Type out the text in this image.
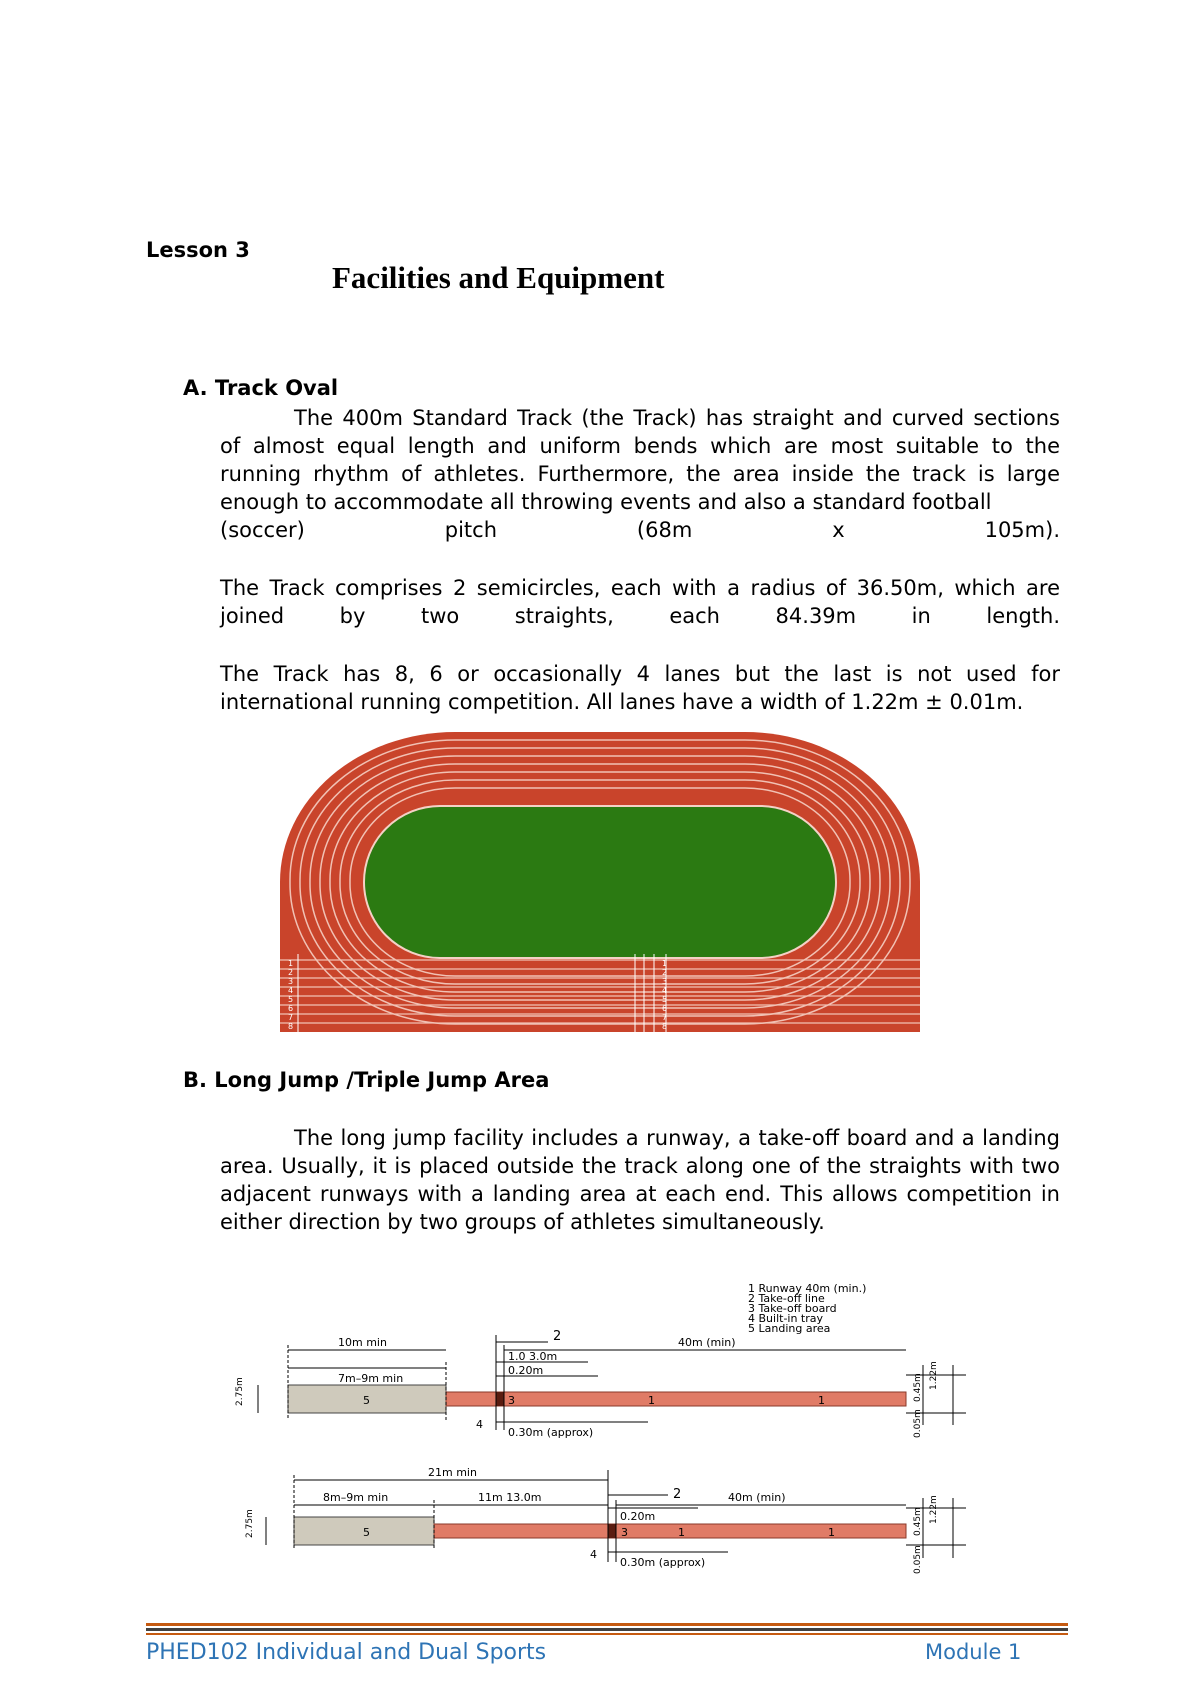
Lesson 3
Facilities and Equipment
A. Track Oval
The 400m Standard Track (the Track) has straight and curved sections of almost equal length and uniform bends which are most suitable to the running rhythm of athletes. Furthermore, the area inside the track is large enough to accommodate all throwing events and also a standard football
(soccer) pitch (68m x 105m).
The Track comprises 2 semicircles, each with a radius of 36.50m, which are joined by two straights, each 84.39m in length.
The Track has 8, 6 or occasionally 4 lanes but the last is not used for international running competition. All lanes have a width of 1.22m ± 0.01m.
1
2
3
4
5
6
7
8
1
2
3
4
5
6
7
8
B. Long Jump /Triple Jump Area
The long jump facility includes a runway, a take-off board and a landing area. Usually, it is placed outside the track along one of the straights with two adjacent runways with a landing area at each end. This allows competition in either direction by two groups of athletes simultaneously.
1 Runway 40m (min.)
2 Take-off line
3 Take-off board
4 Built-in tray
5 Landing area
10m min
7m–9m min
1.0 3.0m
0.20m
40m (min)
0.30m (approx)
2
3
4
5	1	1
2.75m	0.45m 1.22m
0.05m
21m min
8m–9m min	11m 13.0m
0.20m
40m (min)
0.30m (approx)
2
3
4
5	1	1
2.75m	0.45m 1.22m
0.05m
PHED102 Individual and Dual Sports	Module 1
